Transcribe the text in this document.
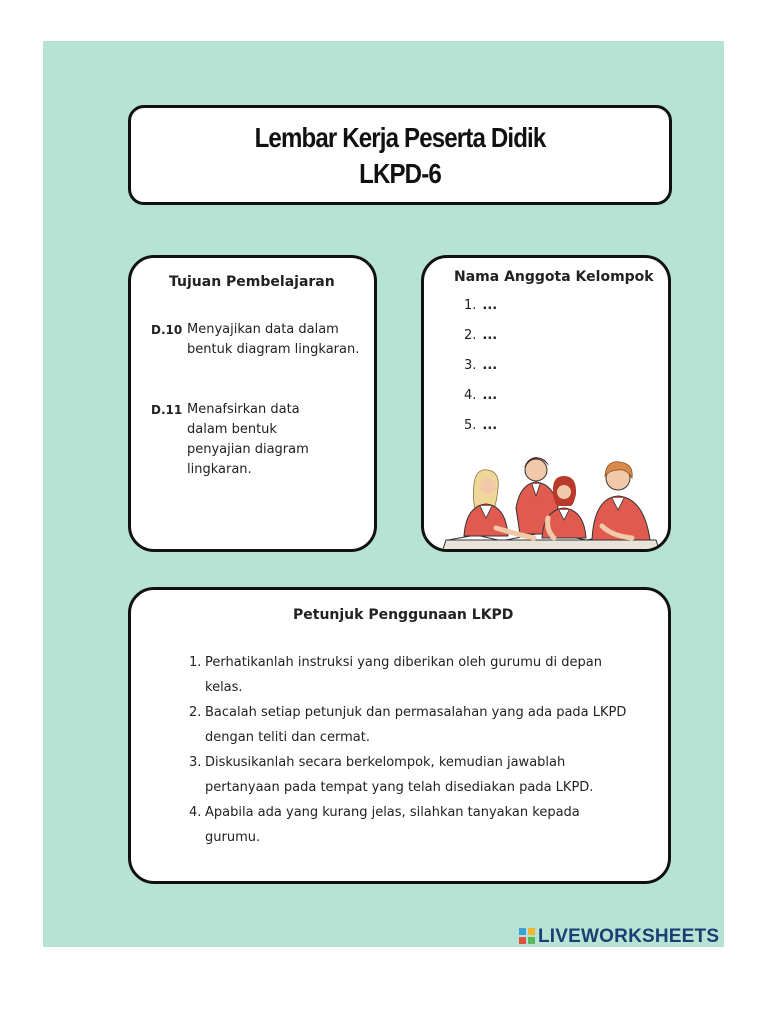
Lembar Kerja Peserta Didik
LKPD-6
Tujuan Pembelajaran
D.10 Menyajikan data dalam bentuk diagram lingkaran.
D.11 Menafsirkan data dalam bentuk penyajian diagram lingkaran.
Nama Anggota Kelompok
1. ...
2. ...
3. ...
4. ...
5. ...
Petunjuk Penggunaan LKPD
1. Perhatikanlah instruksi yang diberikan oleh gurumu di depan kelas.
2. Bacalah setiap petunjuk dan permasalahan yang ada pada LKPD dengan teliti dan cermat.
3. Diskusikanlah secara berkelompok, kemudian jawablah pertanyaan pada tempat yang telah disediakan pada LKPD.
4. Apabila ada yang kurang jelas, silahkan tanyakan kepada gurumu.
LIVEWORKSHEETS
